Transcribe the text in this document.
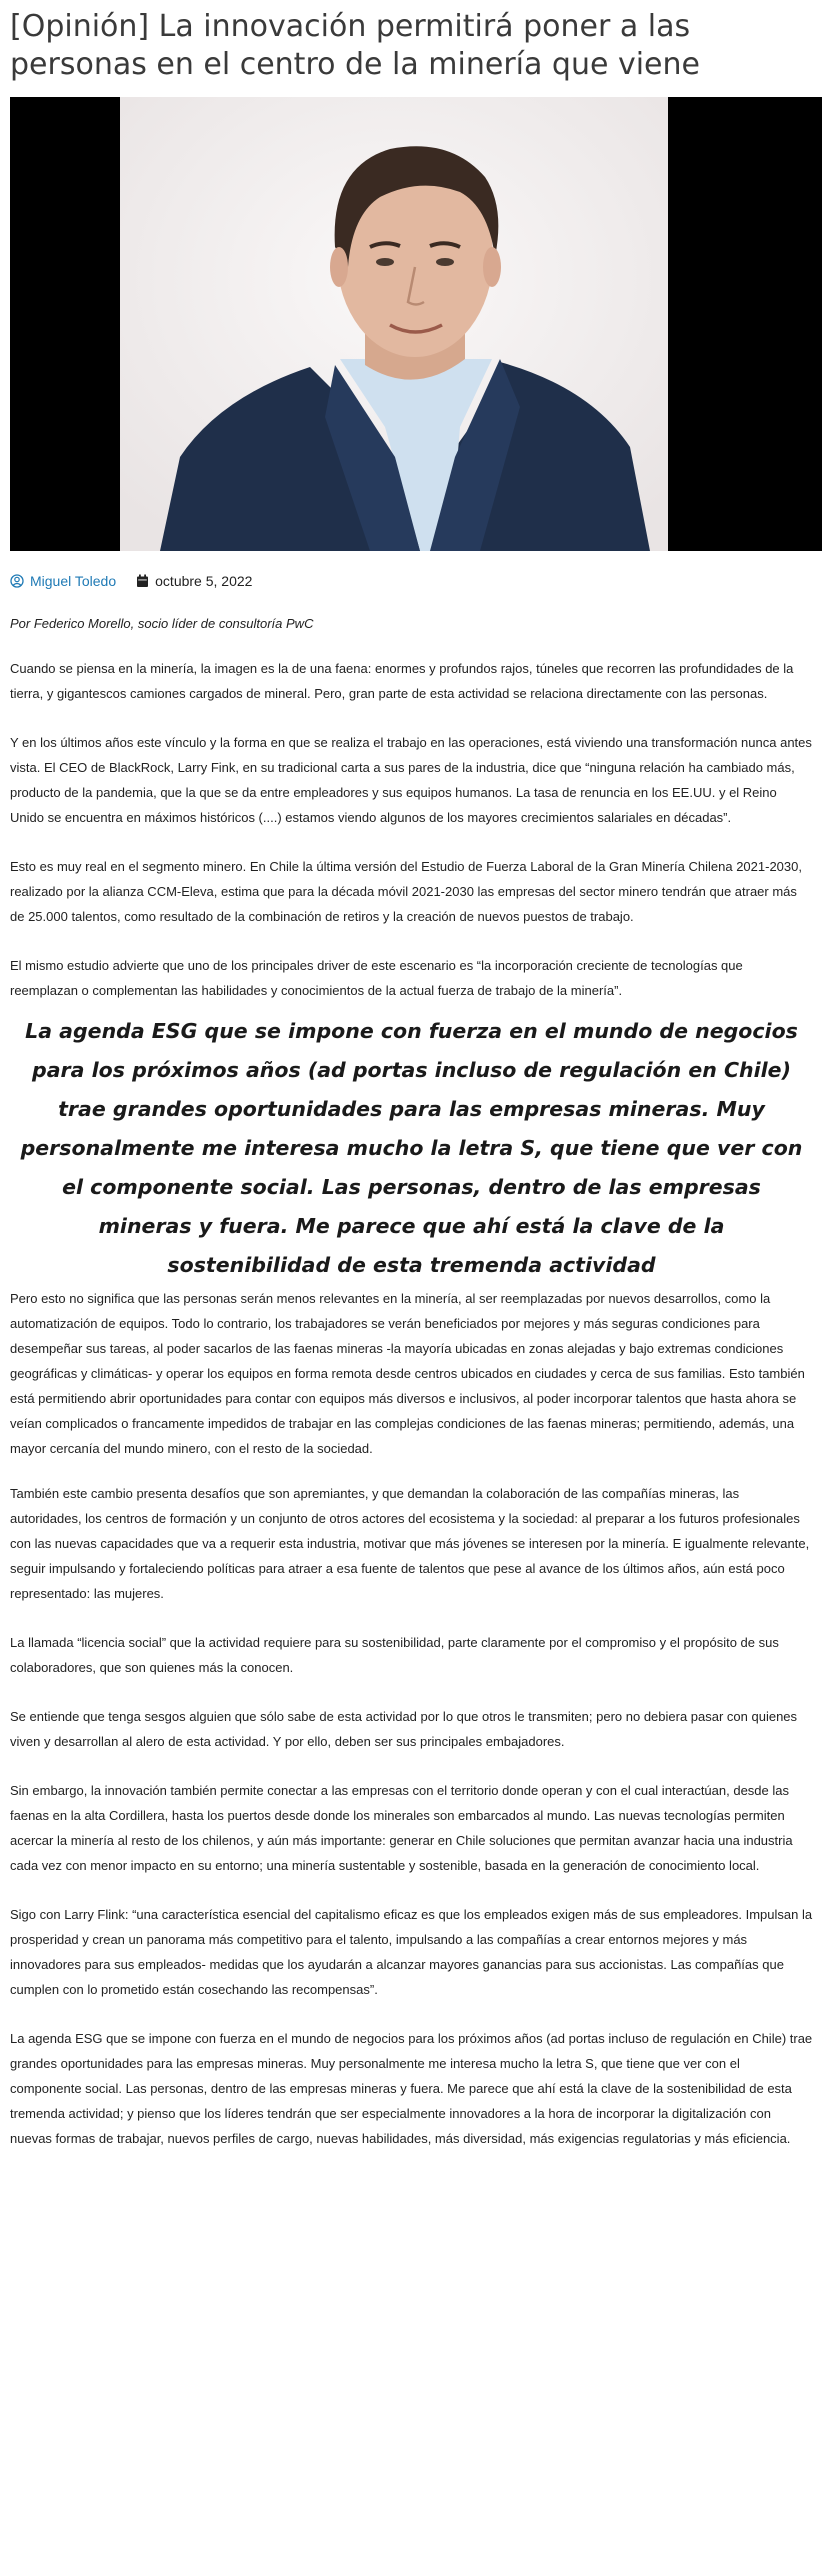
[Opinión] La innovación permitirá poner a las personas en el centro de la minería que viene
Miguel Toledo	octubre 5, 2022

Por Federico Morello, socio líder de consultoría PwC

Cuando se piensa en la minería, la imagen es la de una faena: enormes y profundos rajos, túneles que recorren las profundidades de la tierra, y gigantescos camiones cargados de mineral. Pero, gran parte de esta actividad se relaciona directamente con las personas.

Y en los últimos años este vínculo y la forma en que se realiza el trabajo en las operaciones, está viviendo una transformación nunca antes vista. El CEO de BlackRock, Larry Fink, en su tradicional carta a sus pares de la industria, dice que “ninguna relación ha cambiado más, producto de la pandemia, que la que se da entre empleadores y sus equipos humanos. La tasa de renuncia en los EE.UU. y el Reino Unido se encuentra en máximos históricos (....) estamos viendo algunos de los mayores crecimientos salariales en décadas”.

Esto es muy real en el segmento minero. En Chile la última versión del Estudio de Fuerza Laboral de la Gran Minería Chilena 2021-2030, realizado por la alianza CCM-Eleva, estima que para la década móvil 2021-2030 las empresas del sector minero tendrán que atraer más de 25.000 talentos, como resultado de la combinación de retiros y la creación de nuevos puestos de trabajo.

El mismo estudio advierte que uno de los principales driver de este escenario es “la incorporación creciente de tecnologías que reemplazan o complementan las habilidades y conocimientos de la actual fuerza de trabajo de la minería”.

La agenda ESG que se impone con fuerza en el mundo de negocios para los próximos años (ad portas incluso de regulación en Chile) trae grandes oportunidades para las empresas mineras. Muy personalmente me interesa mucho la letra S, que tiene que ver con el componente social. Las personas, dentro de las empresas mineras y fuera. Me parece que ahí está la clave de la sostenibilidad de esta tremenda actividad

Pero esto no significa que las personas serán menos relevantes en la minería, al ser reemplazadas por nuevos desarrollos, como la automatización de equipos. Todo lo contrario, los trabajadores se verán beneficiados por mejores y más seguras condiciones para desempeñar sus tareas, al poder sacarlos de las faenas mineras -la mayoría ubicadas en zonas alejadas y bajo extremas condiciones geográficas y climáticas- y operar los equipos en forma remota desde centros ubicados en ciudades y cerca de sus familias. Esto también está permitiendo abrir oportunidades para contar con equipos más diversos e inclusivos, al poder incorporar talentos que hasta ahora se veían complicados o francamente impedidos de trabajar en las complejas condiciones de las faenas mineras; permitiendo, además, una mayor cercanía del mundo minero, con el resto de la sociedad.

También este cambio presenta desafíos que son apremiantes, y que demandan la colaboración de las compañías mineras, las autoridades, los centros de formación y un conjunto de otros actores del ecosistema y la sociedad: al preparar a los futuros profesionales con las nuevas capacidades que va a requerir esta industria, motivar que más jóvenes se interesen por la minería. E igualmente relevante, seguir impulsando y fortaleciendo políticas para atraer a esa fuente de talentos que pese al avance de los últimos años, aún está poco representado: las mujeres.

La llamada “licencia social” que la actividad requiere para su sostenibilidad, parte claramente por el compromiso y el propósito de sus colaboradores, que son quienes más la conocen.

Se entiende que tenga sesgos alguien que sólo sabe de esta actividad por lo que otros le transmiten; pero no debiera pasar con quienes viven y desarrollan al alero de esta actividad. Y por ello, deben ser sus principales embajadores.

Sin embargo, la innovación también permite conectar a las empresas con el territorio donde operan y con el cual interactúan, desde las faenas en la alta Cordillera, hasta los puertos desde donde los minerales son embarcados al mundo. Las nuevas tecnologías permiten acercar la minería al resto de los chilenos, y aún más importante: generar en Chile soluciones que permitan avanzar hacia una industria cada vez con menor impacto en su entorno; una minería sustentable y sostenible, basada en la generación de conocimiento local.

Sigo con Larry Flink: “una característica esencial del capitalismo eficaz es que los empleados exigen más de sus empleadores. Impulsan la prosperidad y crean un panorama más competitivo para el talento, impulsando a las compañías a crear entornos mejores y más innovadores para sus empleados- medidas que los ayudarán a alcanzar mayores ganancias para sus accionistas. Las compañías que cumplen con lo prometido están cosechando las recompensas”.

La agenda ESG que se impone con fuerza en el mundo de negocios para los próximos años (ad portas incluso de regulación en Chile) trae grandes oportunidades para las empresas mineras. Muy personalmente me interesa mucho la letra S, que tiene que ver con el componente social. Las personas, dentro de las empresas mineras y fuera. Me parece que ahí está la clave de la sostenibilidad de esta tremenda actividad; y pienso que los líderes tendrán que ser especialmente innovadores a la hora de incorporar la digitalización con nuevas formas de trabajar, nuevos perfiles de cargo, nuevas habilidades, más diversidad, más exigencias regulatorias y más eficiencia.
